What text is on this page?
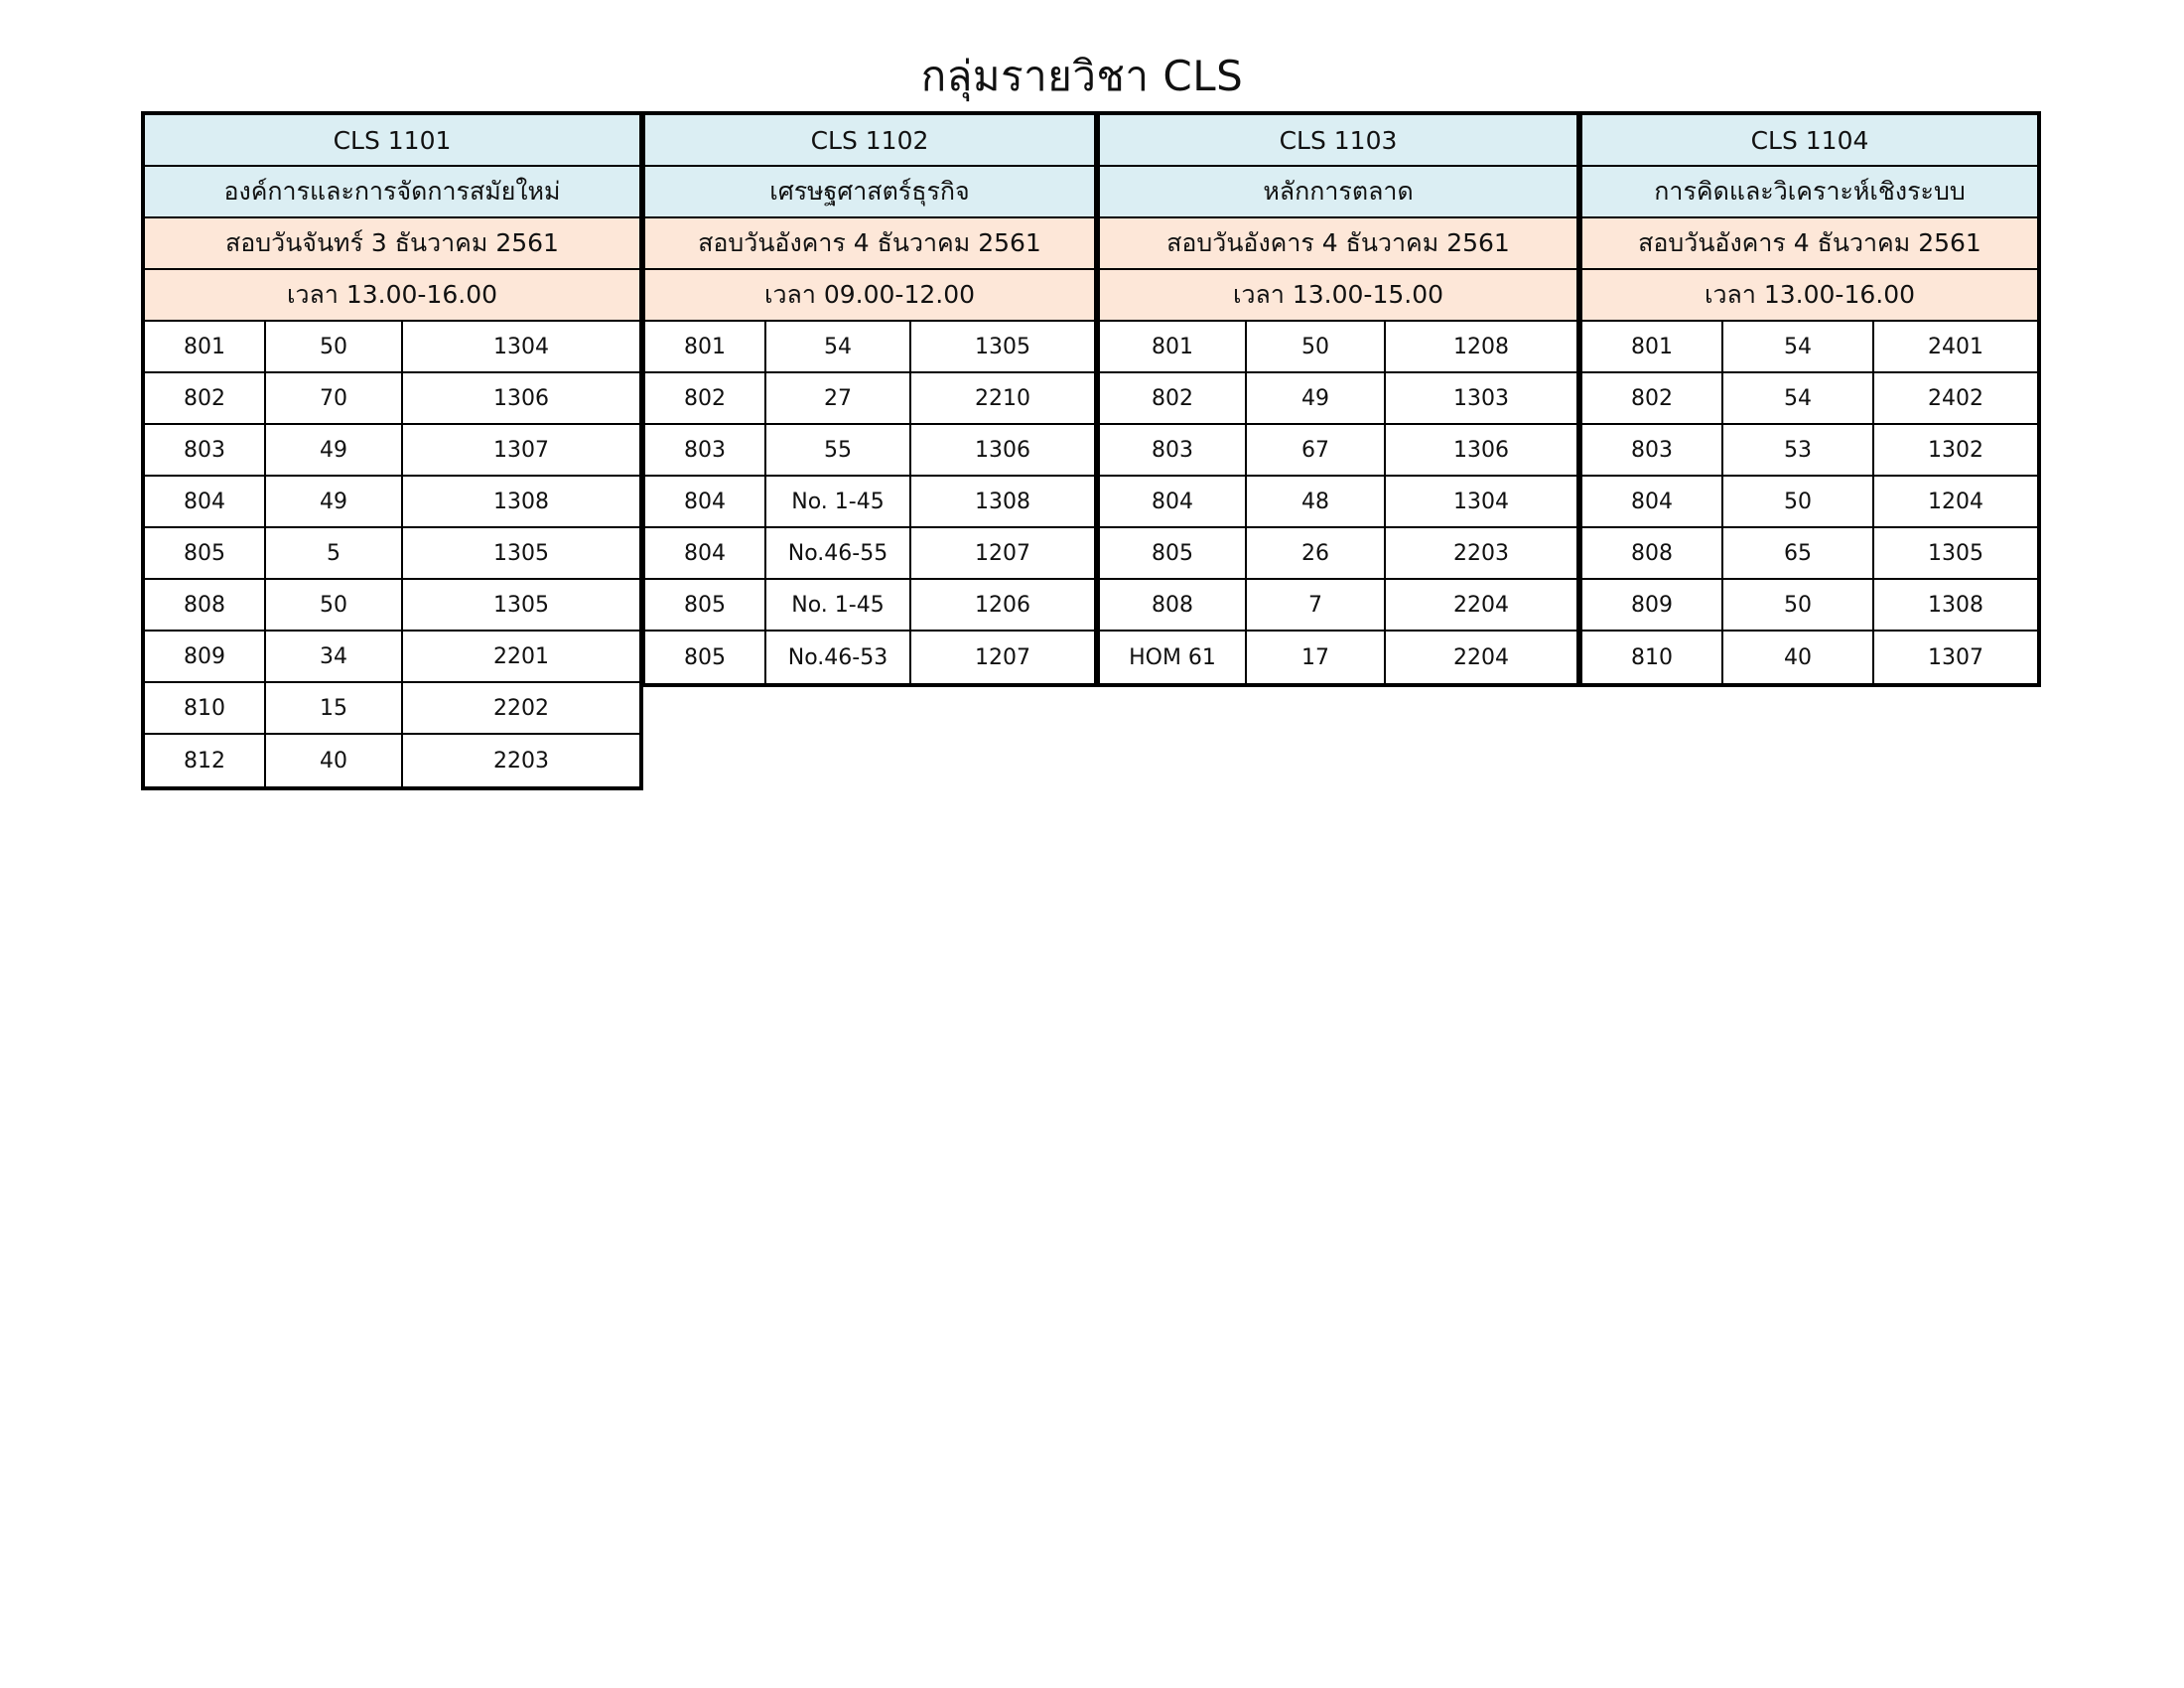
กลุ่มรายวิชา CLS
CLS 1101
องค์การและการจัดการสมัยใหม่
สอบวันจันทร์ 3 ธันวาคม 2561
เวลา 13.00-16.00
801	50	1304
802	70	1306
803	49	1307
804	49	1308
805	5	1305
808	50	1305
809	34	2201
810	15	2202
812	40	2203
CLS 1102
เศรษฐศาสตร์ธุรกิจ
สอบวันอังคาร 4 ธันวาคม 2561
เวลา 09.00-12.00
801	54	1305
802	27	2210
803	55	1306
804	No. 1-45	1308
804	No.46-55	1207
805	No. 1-45	1206
805	No.46-53	1207
CLS 1103
หลักการตลาด
สอบวันอังคาร 4 ธันวาคม 2561
เวลา 13.00-15.00
801	50	1208
802	49	1303
803	67	1306
804	48	1304
805	26	2203
808	7	2204
HOM 61	17	2204
CLS 1104
การคิดและวิเคราะห์เชิงระบบ
สอบวันอังคาร 4 ธันวาคม 2561
เวลา 13.00-16.00
801	54	2401
802	54	2402
803	53	1302
804	50	1204
808	65	1305
809	50	1308
810	40	1307
